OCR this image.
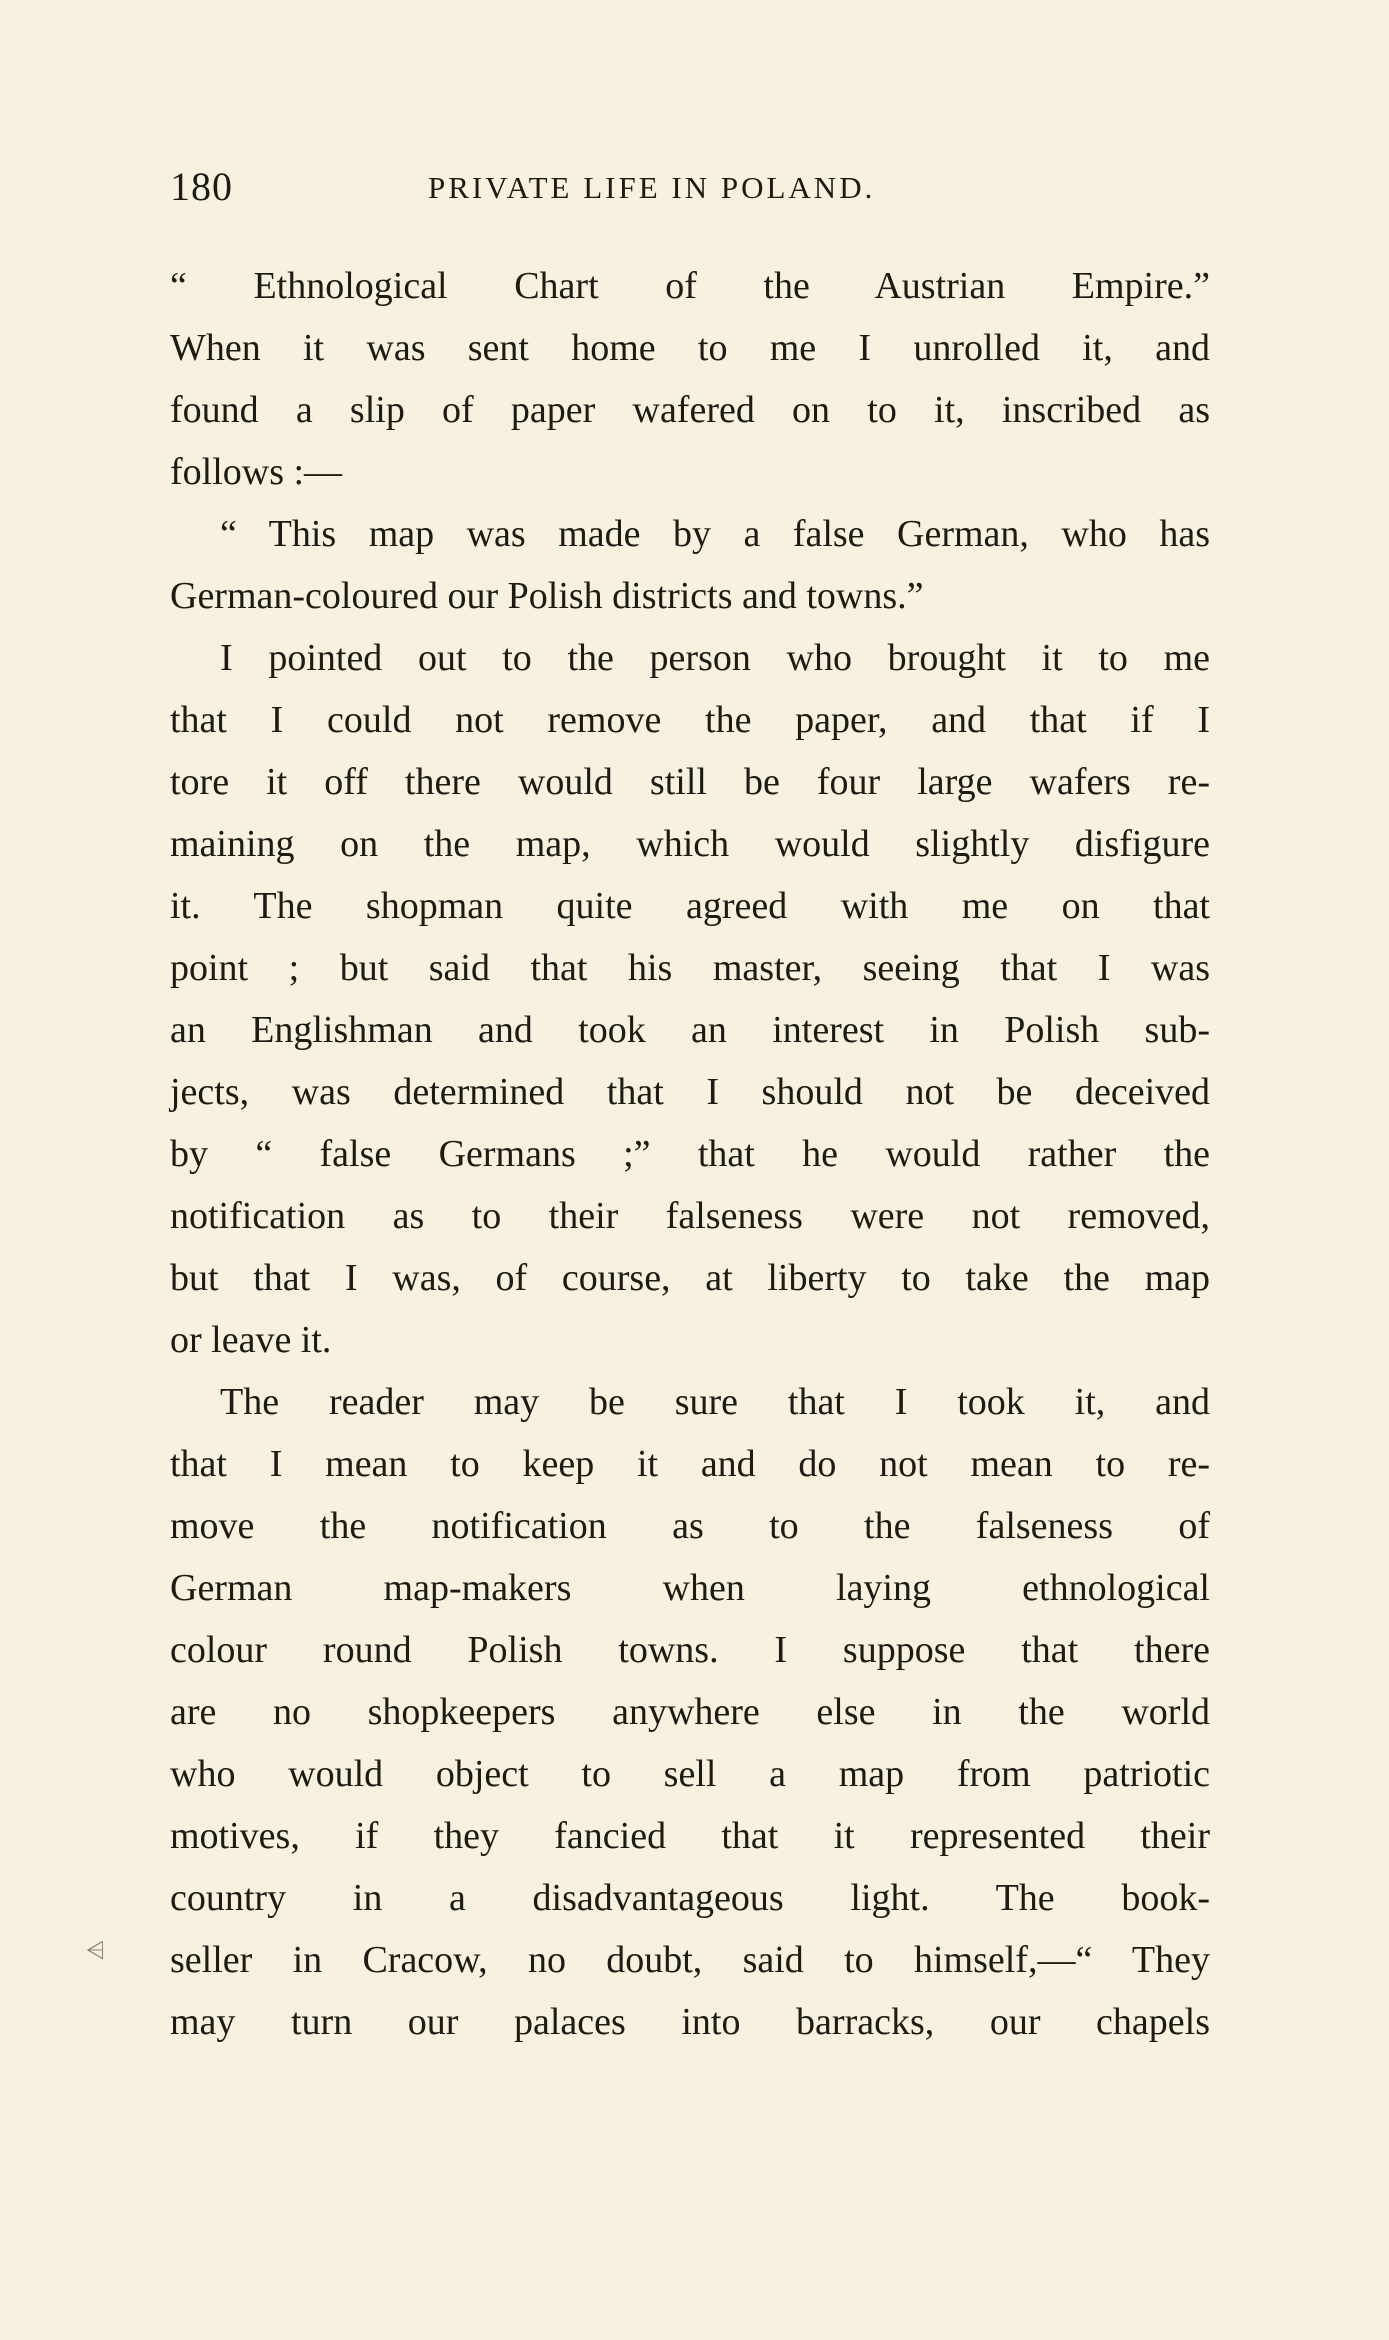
180	PRIVATE LIFE IN POLAND.
“ Ethnological Chart of the Austrian Empire.”
When it was sent home to me I unrolled it, and
found a slip of paper wafered on to it, inscribed as
follows :—
“ This map was made by a false German, who has
German-coloured our Polish districts and towns.”
I pointed out to the person who brought it to me
that I could not remove the paper, and that if I
tore it off there would still be four large wafers re-
maining on the map, which would slightly disfigure
it. The shopman quite agreed with me on that
point ; but said that his master, seeing that I was
an Englishman and took an interest in Polish sub-
jects, was determined that I should not be deceived
by “ false Germans ;” that he would rather the
notification as to their falseness were not removed,
but that I was, of course, at liberty to take the map
or leave it.
The reader may be sure that I took it, and
that I mean to keep it and do not mean to re-
move the notification as to the falseness of
German map-makers when laying ethnological
colour round Polish towns. I suppose that there
are no shopkeepers anywhere else in the world
who would object to sell a map from patriotic
motives, if they fancied that it represented their
country in a disadvantageous light. The book-
seller in Cracow, no doubt, said to himself,—“ They
may turn our palaces into barracks, our chapels
⩤
